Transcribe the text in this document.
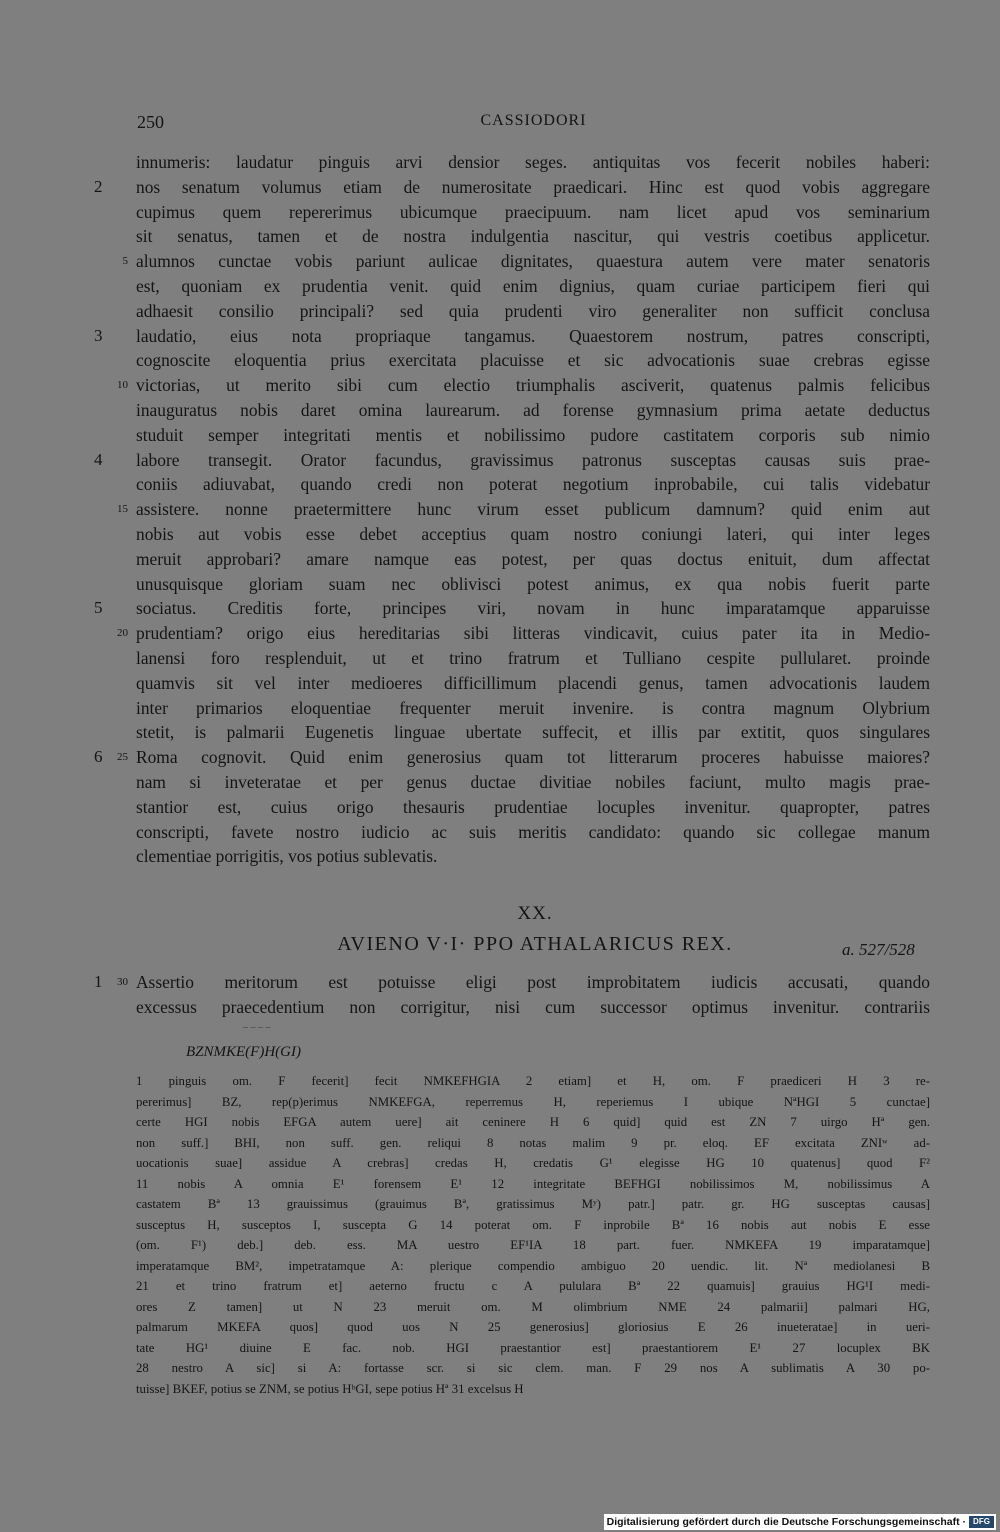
250	CASSIODORI
innumeris: laudatur pinguis arvi densior seges. antiquitas vos fecerit nobiles haberi:
2 nos senatum volumus etiam de numerositate praedicari. Hinc est quod vobis aggregare
cupimus quem repererimus ubicumque praecipuum. nam licet apud vos seminarium
sit senatus, tamen et de nostra indulgentia nascitur, qui vestris coetibus applicetur.
5 alumnos cunctae vobis pariunt aulicae dignitates, quaestura autem vere mater senatoris
est, quoniam ex prudentia venit. quid enim dignius, quam curiae participem fieri qui
adhaesit consilio principali? sed quia prudenti viro generaliter non sufficit conclusa
3 laudatio, eius nota propriaque tangamus. Quaestorem nostrum, patres conscripti,
cognoscite eloquentia prius exercitata placuisse et sic advocationis suae crebras egisse
10 victorias, ut merito sibi cum electio triumphalis asciverit, quatenus palmis felicibus
inauguratus nobis daret omina laurearum. ad forense gymnasium prima aetate deductus
studuit semper integritati mentis et nobilissimo pudore castitatem corporis sub nimio
4 labore transegit. Orator facundus, gravissimus patronus susceptas causas suis prae-
coniis adiuvabat, quando credi non poterat negotium inprobabile, cui talis videbatur
15 assistere. nonne praetermittere hunc virum esset publicum damnum? quid enim aut
nobis aut vobis esse debet acceptius quam nostro coniungi lateri, qui inter leges
meruit approbari? amare namque eas potest, per quas doctus enituit, dum affectat
unusquisque gloriam suam nec oblivisci potest animus, ex qua nobis fuerit parte
5 sociatus. Creditis forte, principes viri, novam in hunc imparatamque apparuisse
20 prudentiam? origo eius hereditarias sibi litteras vindicavit, cuius pater ita in Medio-
lanensi foro resplenduit, ut et trino fratrum et Tulliano cespite pullularet. proinde
quamvis sit vel inter medioeres difficillimum placendi genus, tamen advocationis laudem
inter primarios eloquentiae frequenter meruit invenire. is contra magnum Olybrium
stetit, is palmarii Eugenetis linguae ubertate suffecit, et illis par extitit, quos singulares
6	25 Roma cognovit. Quid enim generosius quam tot litterarum proceres habuisse maiores?
nam si inveteratae et per genus ductae divitiae nobiles faciunt, multo magis prae-
stantior est, cuius origo thesauris prudentiae locuples invenitur. quapropter, patres
conscripti, favete nostro iudicio ac suis meritis candidato: quando sic collegae manum
clementiae porrigitis, vos potius sublevatis.
XX.
AVIENO V·I· PPO ATHALARICUS REX.	a. 527/528
1	30 Assertio meritorum est potuisse eligi post improbitatem iudicis accusati, quando
excessus praecedentium non corrigitur, nisi cum successor optimus invenitur. contrariis
– – – –
BZNMKE(F)H(GI)
1 pinguis om. F fecerit] fecit NMKEFHGIA 2 etiam] et H, om. F praediceri H 3 re-
pererimus] BZ, rep(p)erimus NMKEFGA, reperremus H, reperiemus I ubique NªHGI 5 cunctae]
certe HGI nobis EFGA autem uere] ait ceninere H 6 quid] quid est ZN 7 uirgo Hª gen.
non suff.] BHI, non suff. gen. reliqui 8 notas malim 9 pr. eloq. EF excitata ZNIʷ ad-
uocationis suae] assidue A crebras] credas H, credatis G¹ elegisse HG 10 quatenus] quod F²
11 nobis A omnia E¹ forensem E¹ 12 integritate BEFHGI nobilissimos M, nobilissimus A
castatem Bª 13 grauissimus (grauimus Bª, gratissimus Mʸ) patr.] patr. gr. HG susceptas causas]
susceptus H, susceptos I, suscepta G 14 poterat om. F inprobile Bª 16 nobis aut nobis E esse
(om. F¹) deb.] deb. ess. MA uestro EF¹IA 18 part. fuer. NMKEFA 19 imparatamque]
imperatamque BM², impetratamque A: plerique compendio ambiguo 20 uendic. lit. Nª mediolanesi B
21 et trino fratrum et] aeterno fructu c A pululara Bª 22 quamuis] grauius HG¹I medi-
ores Z tamen] ut N 23 meruit om. M olimbrium NME 24 palmarii] palmari HG,
palmarum MKEFA quos] quod uos N 25 generosius] gloriosius E 26 inueteratae] in ueri-
tate HG¹ diuine E fac. nob. HGI praestantior est] praestantiorem E¹ 27 locuplex BK
28 nestro A sic] si A: fortasse scr. si sic clem. man. F 29 nos A sublimatis A 30 po-
tuisse] BKEF, potius se ZNM, se potius HᵇGI, sepe potius Hª 31 excelsus H
Digitalisierung gefördert durch die Deutsche Forschungsgemeinschaft · DFG
